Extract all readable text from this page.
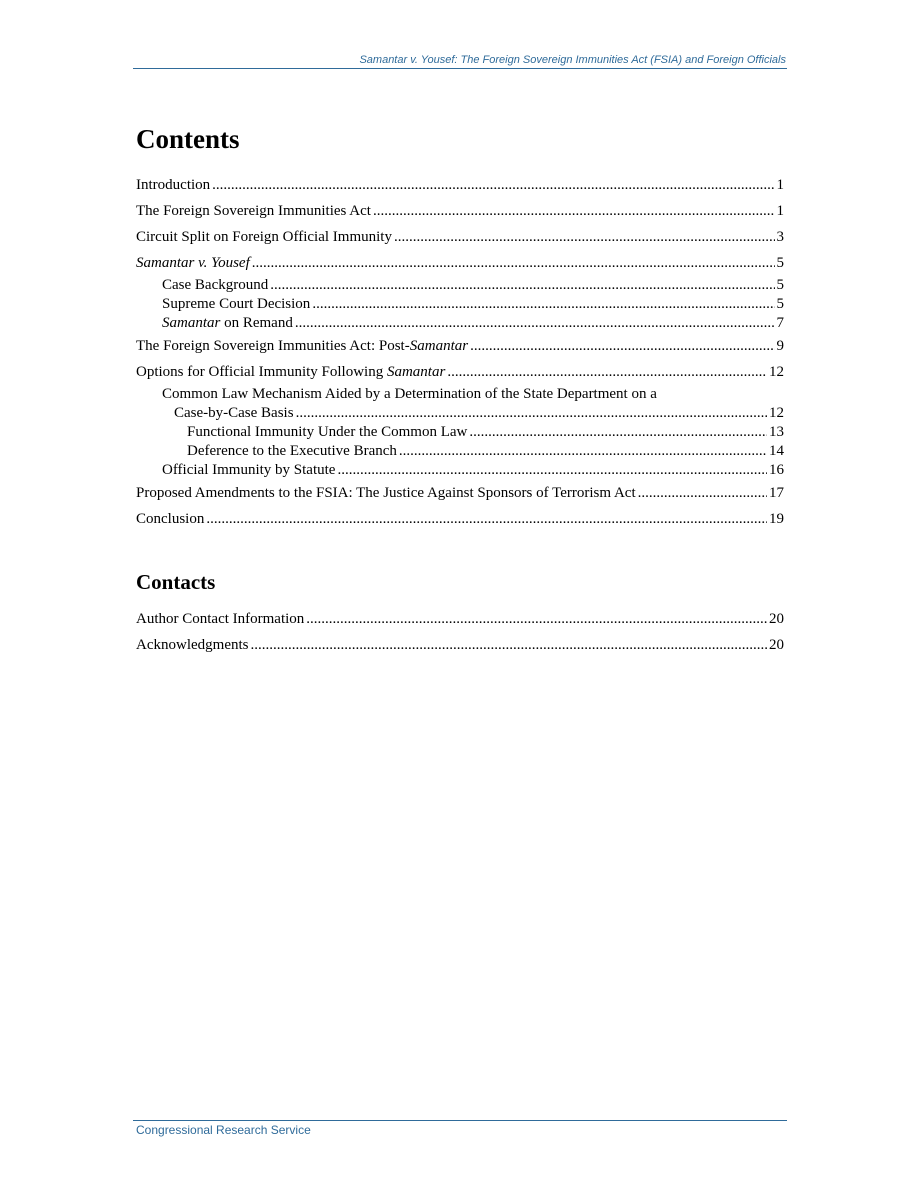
Samantar v. Yousef: The Foreign Sovereign Immunities Act (FSIA) and Foreign Officials
Contents
Introduction .....	1
The Foreign Sovereign Immunities Act .....	1
Circuit Split on Foreign Official Immunity .....	3
Samantar v. Yousef .....	5
Case Background .....	5
Supreme Court Decision .....	5
Samantar on Remand .....	7
The Foreign Sovereign Immunities Act: Post-Samantar .....	9
Options for Official Immunity Following Samantar .....	12
Common Law Mechanism Aided by a Determination of the State Department on a
Case-by-Case Basis .....	12
Functional Immunity Under the Common Law .....	13
Deference to the Executive Branch .....	14
Official Immunity by Statute .....	16
Proposed Amendments to the FSIA: The Justice Against Sponsors of Terrorism Act .....	17
Conclusion .....	19
Contacts
Author Contact Information .....	20
Acknowledgments .....	20
Congressional Research Service
